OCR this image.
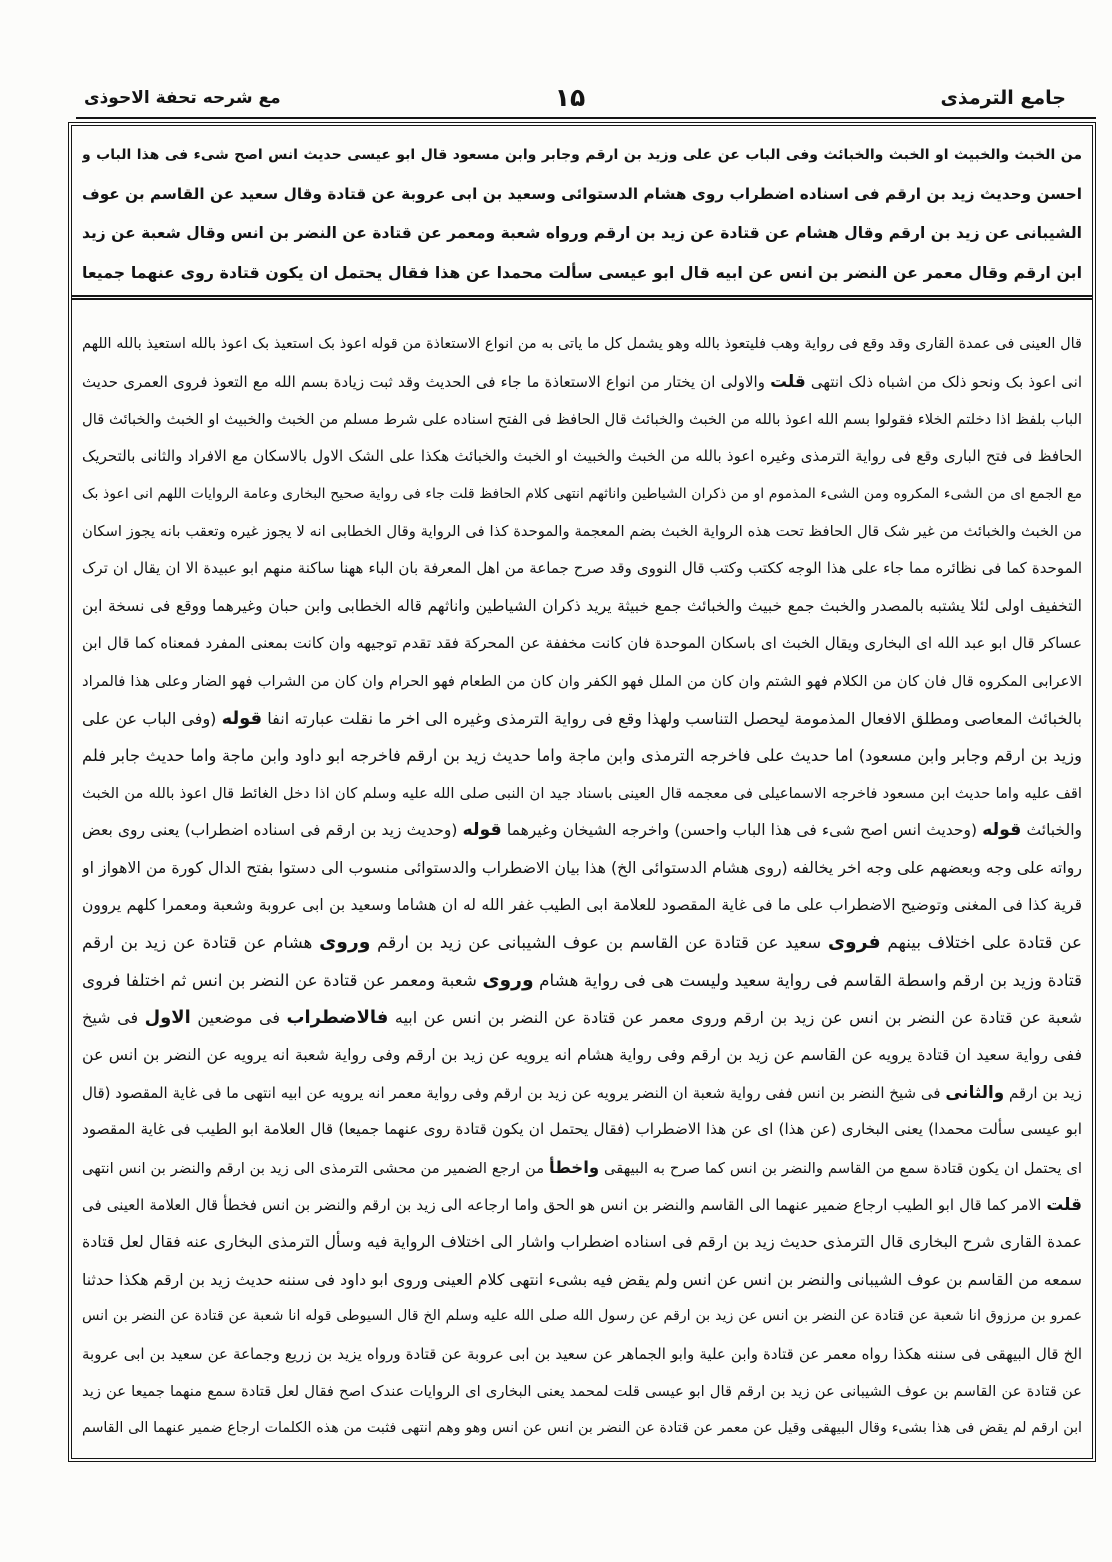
جامع الترمذی
۱۵
مع شرحه تحفة الاحوذی
من الخبث والخبیث او الخبث والخبائث وفی الباب عن علی وزید بن ارقم وجابر وابن مسعود قال ابو عیسی حدیث انس اصح شیء فی هذا الباب و
احسن وحدیث زید بن ارقم فی اسناده اضطراب روی هشام الدستوائی وسعید بن ابی عروبة عن قتادة وقال سعید عن القاسم بن عوف
الشیبانی عن زید بن ارقم وقال هشام عن قتادة عن زید بن ارقم ورواه شعبة ومعمر عن قتادة عن النضر بن انس وقال شعبة عن زید
ابن ارقم وقال معمر عن النضر بن انس عن ابیه قال ابو عیسی سألت محمدا عن هذا فقال یحتمل ان یکون قتادة روی عنهما جمیعا
قال العینی فی عمدة القاری وقد وقع فی روایة وهب فلیتعوذ بالله وهو یشمل کل ما یاتی به من انواع الاستعاذة من قوله اعوذ بک استعیذ بک اعوذ بالله استعیذ بالله اللهم
انی اعوذ بک ونحو ذلک من اشباه ذلک انتهی قلت والاولی ان یختار من انواع الاستعاذة ما جاء فی الحدیث وقد ثبت زیادة بسم الله مع التعوذ فروی العمری حدیث
الباب بلفظ اذا دخلتم الخلاء فقولوا بسم الله اعوذ بالله من الخبث والخبائث قال الحافظ فی الفتح اسناده علی شرط مسلم من الخبث والخبیث او الخبث والخبائث قال
الحافظ فی فتح الباری وقع فی روایة الترمذی وغیره اعوذ بالله من الخبث والخبیث او الخبث والخبائث هکذا علی الشک الاول بالاسکان مع الافراد والثانی بالتحریک
مع الجمع ای من الشیء المکروه ومن الشیء المذموم او من ذکران الشیاطین واناثهم انتهی کلام الحافظ قلت جاء فی روایة صحیح البخاری وعامة الروایات اللهم انی اعوذ بک
من الخبث والخبائث من غیر شک قال الحافظ تحت هذه الروایة الخبث بضم المعجمة والموحدة کذا فی الروایة وقال الخطابی انه لا یجوز غیره وتعقب بانه یجوز اسکان
الموحدة کما فی نظائره مما جاء علی هذا الوجه ککتب وکتب قال النووی وقد صرح جماعة من اهل المعرفة بان الباء ههنا ساکنة منهم ابو عبیدة الا ان یقال ان ترک
التخفیف اولی لئلا یشتبه بالمصدر والخبث جمع خبیث والخبائث جمع خبیثة یرید ذکران الشیاطین واناثهم قاله الخطابی وابن حبان وغیرهما ووقع فی نسخة ابن
عساکر قال ابو عبد الله ای البخاری ویقال الخبث ای باسکان الموحدة فان کانت مخففة عن المحرکة فقد تقدم توجیهه وان کانت بمعنی المفرد فمعناه کما قال ابن
الاعرابی المکروه قال فان کان من الکلام فهو الشتم وان کان من الملل فهو الکفر وان کان من الطعام فهو الحرام وان کان من الشراب فهو الضار وعلی هذا فالمراد
بالخبائث المعاصی ومطلق الافعال المذمومة لیحصل التناسب ولهذا وقع فی روایة الترمذی وغیره الی اخر ما نقلت عبارته انفا قوله (وفی الباب عن علی
وزید بن ارقم وجابر وابن مسعود) اما حدیث علی فاخرجه الترمذی وابن ماجة واما حدیث زید بن ارقم فاخرجه ابو داود وابن ماجة واما حدیث جابر فلم
اقف علیه واما حدیث ابن مسعود فاخرجه الاسماعیلی فی معجمه قال العینی باسناد جید ان النبی صلی الله علیه وسلم کان اذا دخل الغائط قال اعوذ بالله من الخبث
والخبائث قوله (وحدیث انس اصح شیء فی هذا الباب واحسن) واخرجه الشیخان وغیرهما قوله (وحدیث زید بن ارقم فی اسناده اضطراب) یعنی روی بعض
رواته علی وجه وبعضهم علی وجه اخر یخالفه (روی هشام الدستوائی الخ) هذا بیان الاضطراب والدستوائی منسوب الی دستوا بفتح الدال کورة من الاهواز او
قریة کذا فی المغنی وتوضیح الاضطراب علی ما فی غایة المقصود للعلامة ابی الطیب غفر الله له ان هشاما وسعید بن ابی عروبة وشعبة ومعمرا کلهم یروون
عن قتادة علی اختلاف بینهم فروی سعید عن قتادة عن القاسم بن عوف الشیبانی عن زید بن ارقم وروی هشام عن قتادة عن زید بن ارقم
قتادة وزید بن ارقم واسطة القاسم فی روایة سعید ولیست هی فی روایة هشام وروی شعبة ومعمر عن قتادة عن النضر بن انس ثم اختلفا فروی
شعبة عن قتادة عن النضر بن انس عن زید بن ارقم وروی معمر عن قتادة عن النضر بن انس عن ابیه فالاضطراب فی موضعین الاول فی شیخ
ففی روایة سعید ان قتادة یرویه عن القاسم عن زید بن ارقم وفی روایة هشام انه یرویه عن زید بن ارقم وفی روایة شعبة انه یرویه عن النضر بن انس عن
زید بن ارقم والثانی فی شیخ النضر بن انس ففی روایة شعبة ان النضر یرویه عن زید بن ارقم وفی روایة معمر انه یرویه عن ابیه انتهی ما فی غایة المقصود (قال
ابو عیسی سألت محمدا) یعنی البخاری (عن هذا) ای عن هذا الاضطراب (فقال یحتمل ان یکون قتادة روی عنهما جمیعا) قال العلامة ابو الطیب فی غایة المقصود
ای یحتمل ان یکون قتادة سمع من القاسم والنضر بن انس کما صرح به البیهقی واخطأ من ارجع الضمیر من محشی الترمذی الی زید بن ارقم والنضر بن انس انتهی
قلت الامر کما قال ابو الطیب ارجاع ضمیر عنهما الی القاسم والنضر بن انس هو الحق واما ارجاعه الی زید بن ارقم والنضر بن انس فخطأ قال العلامة العینی فی
عمدة القاری شرح البخاری قال الترمذی حدیث زید بن ارقم فی اسناده اضطراب واشار الی اختلاف الروایة فیه وسأل الترمذی البخاری عنه فقال لعل قتادة
سمعه من القاسم بن عوف الشیبانی والنضر بن انس عن انس ولم یقض فیه بشیء انتهی کلام العینی وروی ابو داود فی سننه حدیث زید بن ارقم هکذا حدثنا
عمرو بن مرزوق انا شعبة عن قتادة عن النضر بن انس عن زید بن ارقم عن رسول الله صلی الله علیه وسلم الخ قال السیوطی قوله انا شعبة عن قتادة عن النضر بن انس
الخ قال البیهقی فی سننه هکذا رواه معمر عن قتادة وابن علیة وابو الجماهر عن سعید بن ابی عروبة عن قتادة ورواه یزید بن زریع وجماعة عن سعید بن ابی عروبة
عن قتادة عن القاسم بن عوف الشیبانی عن زید بن ارقم قال ابو عیسی قلت لمحمد یعنی البخاری ای الروایات عندک اصح فقال لعل قتادة سمع منهما جمیعا عن زید
ابن ارقم لم یقض فی هذا بشیء وقال البیهقی وقیل عن معمر عن قتادة عن النضر بن انس عن انس وهو وهم انتهی فثبت من هذه الکلمات ارجاع ضمیر عنهما الی القاسم
